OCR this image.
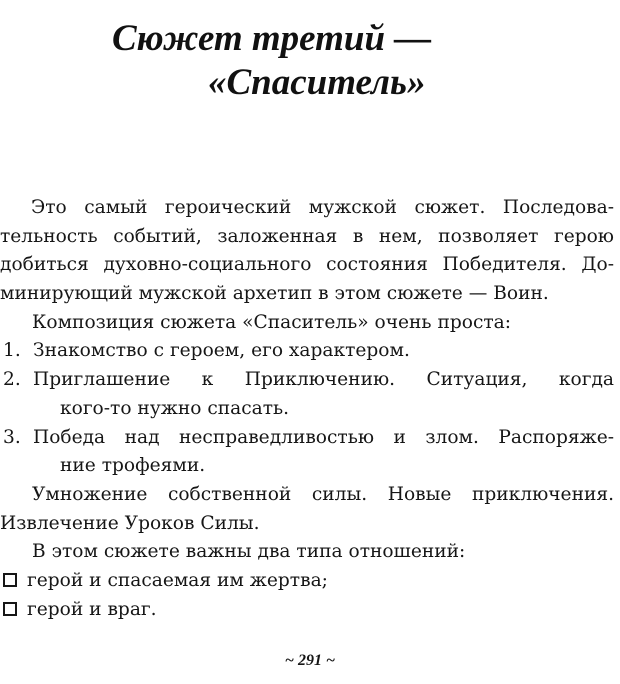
Сюжет третий —
«Спаситель»
Это самый героический мужской сюжет. Последова-
тельность событий, заложенная в нем, позволяет герою
добиться духовно-социального состояния Победителя. До-
минирующий мужской архетип в этом сюжете — Воин.
Композиция сюжета «Спаситель» очень проста:
1. Знакомство с героем, его характером.
2. Приглашение к Приключению. Ситуация, когда
кого-то нужно спасать.
3. Победа над несправедливостью и злом. Распоряже-
ние трофеями.
Умножение собственной силы. Новые приключения.
Извлечение Уроков Силы.
В этом сюжете важны два типа отношений:
герой и спасаемая им жертва;
герой и враг.
~ 291 ~
